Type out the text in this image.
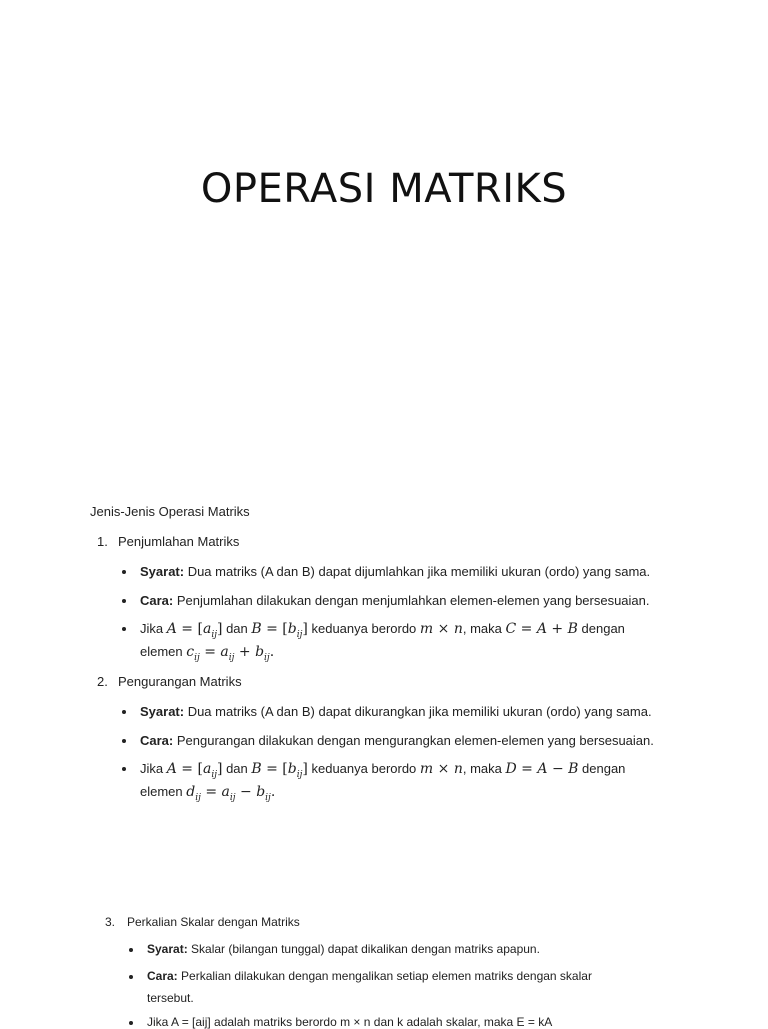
OPERASI MATRIKS
Jenis-Jenis Operasi Matriks
1. Penjumlahan Matriks
Syarat: Dua matriks (A dan B) dapat dijumlahkan jika memiliki ukuran (ordo) yang sama.
Cara: Penjumlahan dilakukan dengan menjumlahkan elemen-elemen yang bersesuaian.
Jika $A = [a_{ij}]$ dan $B = [b_{ij}]$ keduanya berordo m × n, maka C = A + B dengan
elemen $c_{ij} = a_{ij} + b_{ij}$.
2. Pengurangan Matriks
Syarat: Dua matriks (A dan B) dapat dikurangkan jika memiliki ukuran (ordo) yang sama.
Cara: Pengurangan dilakukan dengan mengurangkan elemen-elemen yang bersesuaian.
Jika $A = [a_{ij}]$ dan $B = [b_{ij}]$ keduanya berordo m × n, maka D = A − B dengan
elemen $d_{ij} = a_{ij} - b_{ij}$.
3. Perkalian Skalar dengan Matriks
Syarat: Skalar (bilangan tunggal) dapat dikalikan dengan matriks apapun.
Cara: Perkalian dilakukan dengan mengalikan setiap elemen matriks dengan skalar
tersebut.
Jika A = [aij] adalah matriks berordo m × n dan k adalah skalar, maka E = kA
